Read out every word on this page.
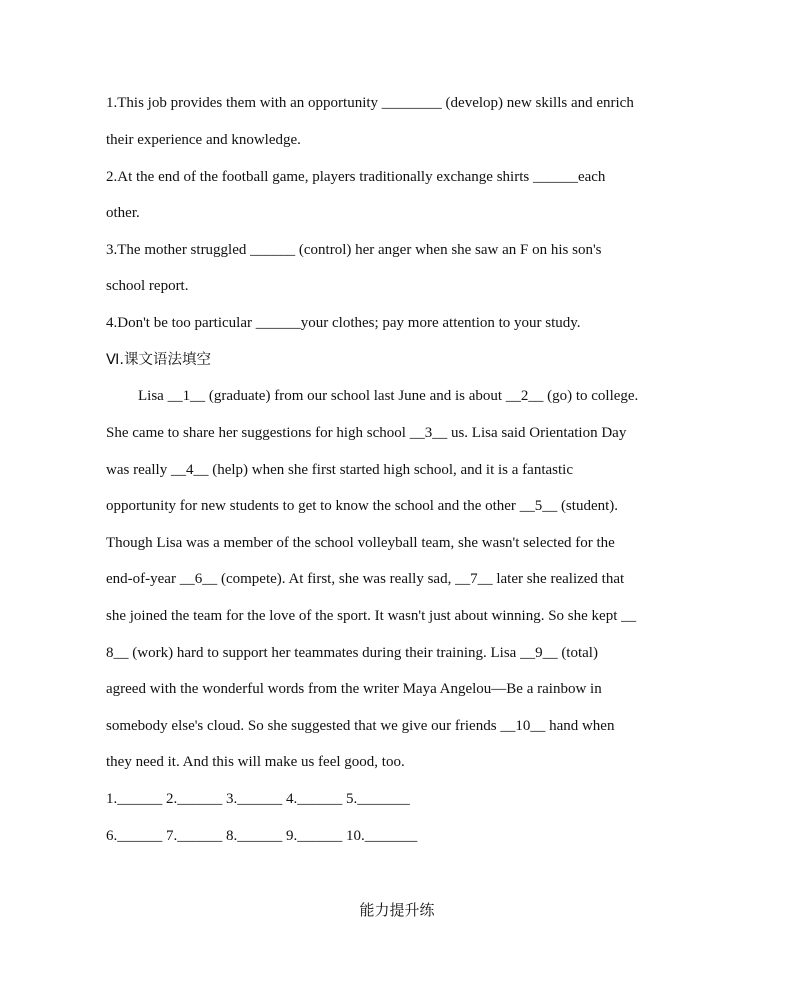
1.This job provides them with an opportunity ________ (develop) new skills and enrich
their experience and knowledge.
2.At the end of the football game, players traditionally exchange shirts ______each
other.
3.The mother struggled ______ (control) her anger when she saw an F on his son's
school report.
4.Don't be too particular ______your clothes; pay more attention to your study.
Ⅵ.课文语法填空
Lisa __1__ (graduate) from our school last June and is about __2__ (go) to college.
She came to share her suggestions for high school __3__ us. Lisa said Orientation Day
was really __4__ (help) when she first started high school, and it is a fantastic
opportunity for new students to get to know the school and the other __5__ (student).
Though Lisa was a member of the school volleyball team, she wasn't selected for the
end-of-year __6__ (compete). At first, she was really sad, __7__ later she realized that
she joined the team for the love of the sport. It wasn't just about winning. So she kept __
8__ (work) hard to support her teammates during their training. Lisa __9__ (total)
agreed with the wonderful words from the writer Maya Angelou—Be a rainbow in
somebody else's cloud. So she suggested that we give our friends __10__ hand when
they need it. And this will make us feel good, too.
1.______ 2.______ 3.______ 4.______ 5._______
6.______ 7.______ 8.______ 9.______ 10._______
能力提升练
